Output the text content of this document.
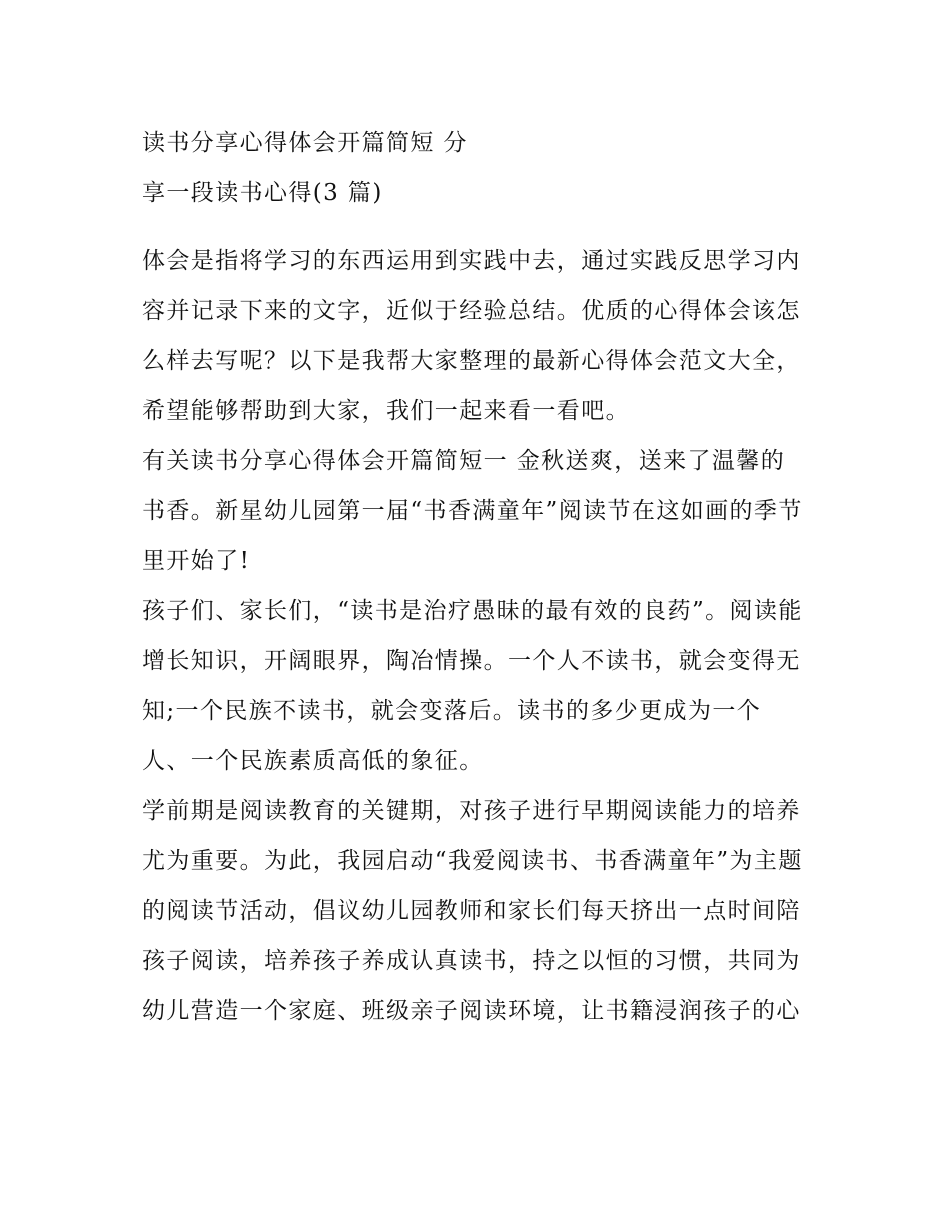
读书分享心得体会开篇简短 分
享一段读书心得(3 篇)
体会是指将学习的东西运用到实践中去，通过实践反思学习内
容并记录下来的文字，近似于经验总结。优质的心得体会该怎
么样去写呢？以下是我帮大家整理的最新心得体会范文大全，
希望能够帮助到大家，我们一起来看一看吧。
有关读书分享心得体会开篇简短一 金秋送爽，送来了温馨的
书香。新星幼儿园第一届“书香满童年”阅读节在这如画的季节
里开始了!
孩子们、家长们，“读书是治疗愚昧的最有效的良药”。阅读能
增长知识，开阔眼界，陶冶情操。一个人不读书，就会变得无
知;一个民族不读书，就会变落后。读书的多少更成为一个
人、一个民族素质高低的象征。
学前期是阅读教育的关键期，对孩子进行早期阅读能力的培养
尤为重要。为此，我园启动“我爱阅读书、书香满童年”为主题
的阅读节活动，倡议幼儿园教师和家长们每天挤出一点时间陪
孩子阅读，培养孩子养成认真读书，持之以恒的习惯，共同为
幼儿营造一个家庭、班级亲子阅读环境，让书籍浸润孩子的心
